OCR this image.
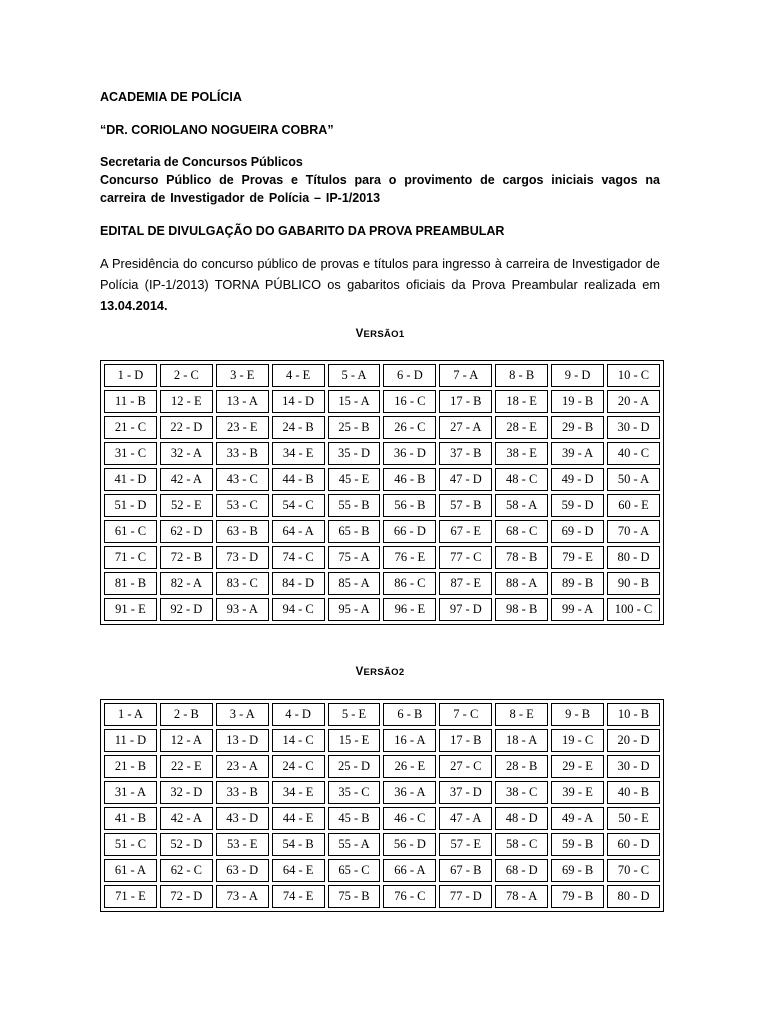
ACADEMIA DE POLÍCIA
“DR. CORIOLANO NOGUEIRA COBRA”
Secretaria de Concursos Públicos
Concurso Público de Provas e Títulos para o provimento de cargos iniciais vagos na carreira de Investigador de Polícia – IP-1/2013
EDITAL DE DIVULGAÇÃO DO GABARITO DA PROVA PREAMBULAR
A Presidência do concurso público de provas e títulos para ingresso à carreira de Investigador de Polícia (IP-1/2013) TORNA PÚBLICO os gabaritos oficiais da Prova Preambular realizada em 13.04.2014.
VERSÃO1
1 - D	2 - C	3 - E	4 - E	5 - A	6 - D	7 - A	8 - B	9 - D	10 - C
11 - B	12 - E	13 - A	14 - D	15 - A	16 - C	17 - B	18 - E	19 - B	20 - A
21 - C	22 - D	23 - E	24 - B	25 - B	26 - C	27 - A	28 - E	29 - B	30 - D
31 - C	32 - A	33 - B	34 - E	35 - D	36 - D	37 - B	38 - E	39 - A	40 - C
41 - D	42 - A	43 - C	44 - B	45 - E	46 - B	47 - D	48 - C	49 - D	50 - A
51 - D	52 - E	53 - C	54 - C	55 - B	56 - B	57 - B	58 - A	59 - D	60 - E
61 - C	62 - D	63 - B	64 - A	65 - B	66 - D	67 - E	68 - C	69 - D	70 - A
71 - C	72 - B	73 - D	74 - C	75 - A	76 - E	77 - C	78 - B	79 - E	80 - D
81 - B	82 - A	83 - C	84 - D	85 - A	86 - C	87 - E	88 - A	89 - B	90 - B
91 - E	92 - D	93 - A	94 - C	95 - A	96 - E	97 - D	98 - B	99 - A	100 - C
VERSÃO2
1 - A	2 - B	3 - A	4 - D	5 - E	6 - B	7 - C	8 - E	9 - B	10 - B
11 - D	12 - A	13 - D	14 - C	15 - E	16 - A	17 - B	18 - A	19 - C	20 - D
21 - B	22 - E	23 - A	24 - C	25 - D	26 - E	27 - C	28 - B	29 - E	30 - D
31 - A	32 - D	33 - B	34 - E	35 - C	36 - A	37 - D	38 - C	39 - E	40 - B
41 - B	42 - A	43 - D	44 - E	45 - B	46 - C	47 - A	48 - D	49 - A	50 - E
51 - C	52 - D	53 - E	54 - B	55 - A	56 - D	57 - E	58 - C	59 - B	60 - D
61 - A	62 - C	63 - D	64 - E	65 - C	66 - A	67 - B	68 - D	69 - B	70 - C
71 - E	72 - D	73 - A	74 - E	75 - B	76 - C	77 - D	78 - A	79 - B	80 - D
